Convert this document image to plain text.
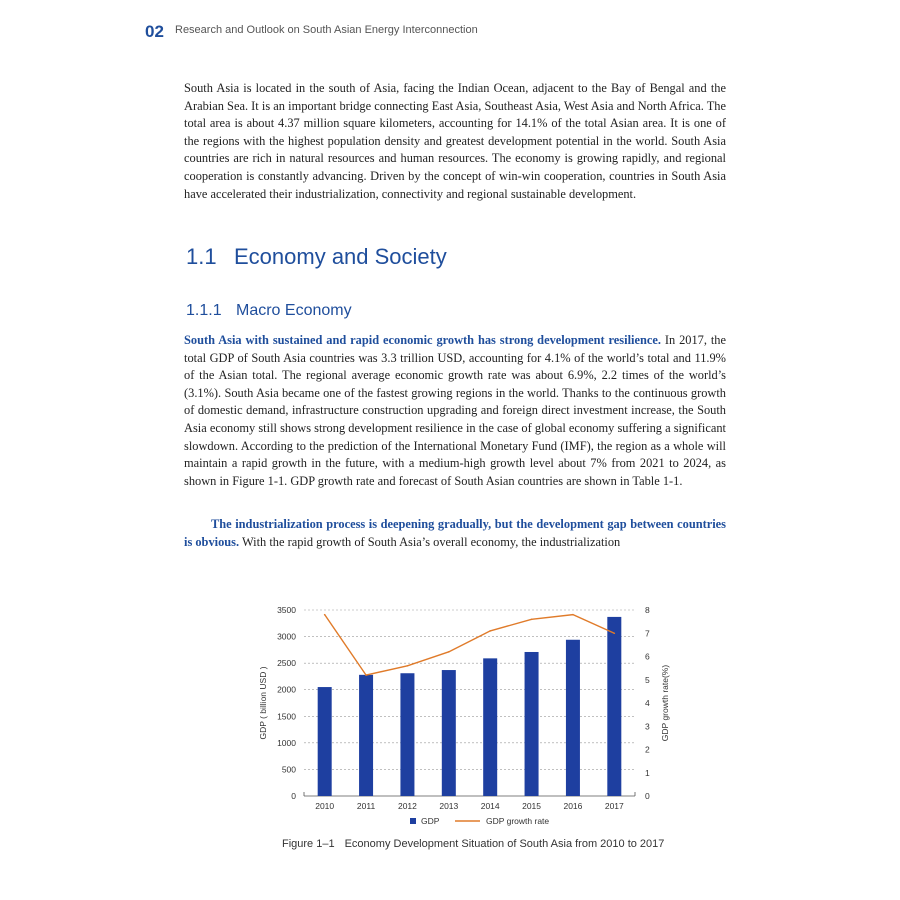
02 Research and Outlook on South Asian Energy Interconnection

South Asia is located in the south of Asia, facing the Indian Ocean, adjacent to the Bay of Bengal and the Arabian Sea. It is an important bridge connecting East Asia, Southeast Asia, West Asia and North Africa. The total area is about 4.37 million square kilometers, accounting for 14.1% of the total Asian area. It is one of the regions with the highest population density and greatest development potential in the world. South Asia countries are rich in natural resources and human resources. The economy is growing rapidly, and regional cooperation is constantly advancing. Driven by the concept of win-win cooperation, countries in South Asia have accelerated their industrialization, connectivity and regional sustainable development.

1.1 Economy and Society
1.1.1 Macro Economy

South Asia with sustained and rapid economic growth has strong development resilience. In 2017, the total GDP of South Asia countries was 3.3 trillion USD, accounting for 4.1% of the world’s total and 11.9% of the Asian total. The regional average economic growth rate was about 6.9%, 2.2 times of the world’s (3.1%). South Asia became one of the fastest growing regions in the world. Thanks to the continuous growth of domestic demand, infrastructure construction upgrading and foreign direct investment increase, the South Asia economy still shows strong development resilience in the case of global economy suffering a significant slowdown. According to the prediction of the International Monetary Fund (IMF), the region as a whole will maintain a rapid growth in the future, with a medium-high growth level about 7% from 2021 to 2024, as shown in Figure 1-1. GDP growth rate and forecast of South Asian countries are shown in Table 1-1.

The industrialization process is deepening gradually, but the development gap between countries is obvious. With the rapid growth of South Asia’s overall economy, the industrialization

0
500
1000
1500
2000
2500
3000
3500
0
1
2
3
4
5
6
7
8
GDP ( billion USD )	GDP growth rate(%)
2010	2011	2012	2013	2014	2015	2016	2017
GDP	GDP growth rate
Figure 1–1 Economy Development Situation of South Asia from 2010 to 2017
